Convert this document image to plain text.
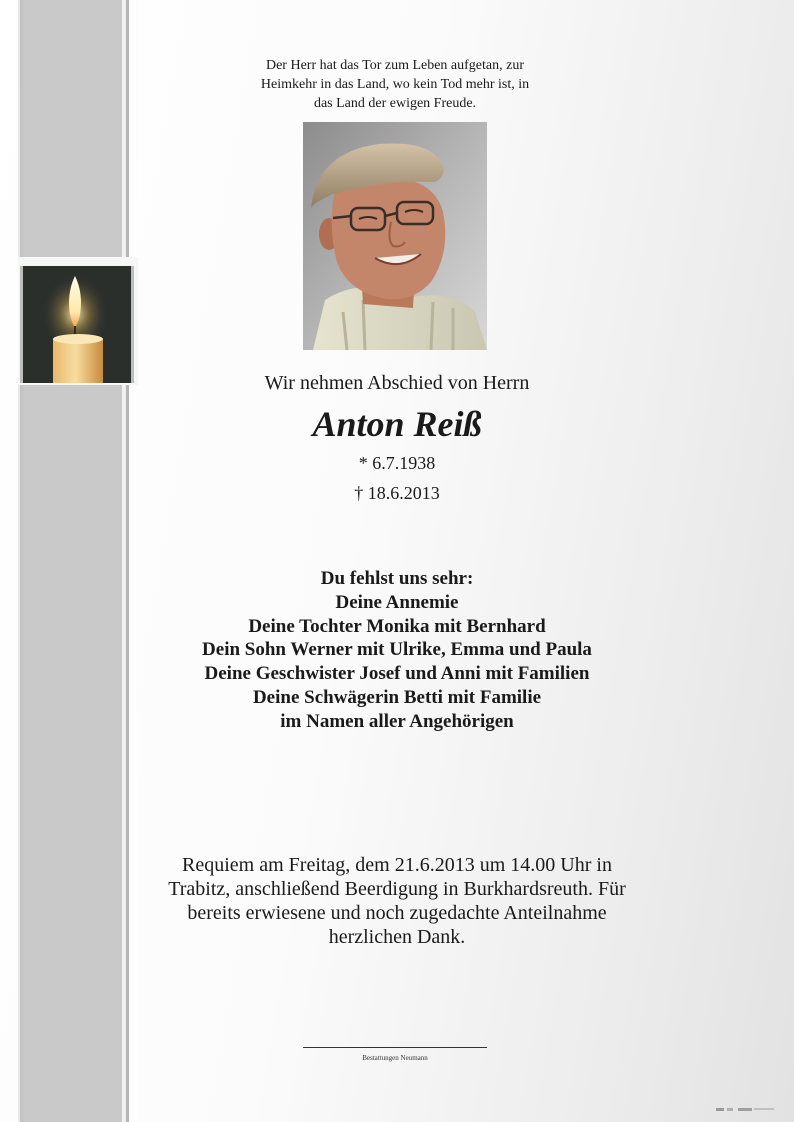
Der Herr hat das Tor zum Leben aufgetan, zur
Heimkehr in das Land, wo kein Tod mehr ist, in
das Land der ewigen Freude.
Wir nehmen Abschied von Herrn
Anton Reiß
* 6.7.1938
† 18.6.2013
Du fehlst uns sehr:
Deine Annemie
Deine Tochter Monika mit Bernhard
Dein Sohn Werner mit Ulrike, Emma und Paula
Deine Geschwister Josef und Anni mit Familien
Deine Schwägerin Betti mit Familie
im Namen aller Angehörigen
Requiem am Freitag, dem 21.6.2013 um 14.00 Uhr in
Trabitz, anschließend Beerdigung in Burkhardsreuth. Für
bereits erwiesene und noch zugedachte Anteilnahme
herzlichen Dank.
Bestattungen Neumann
